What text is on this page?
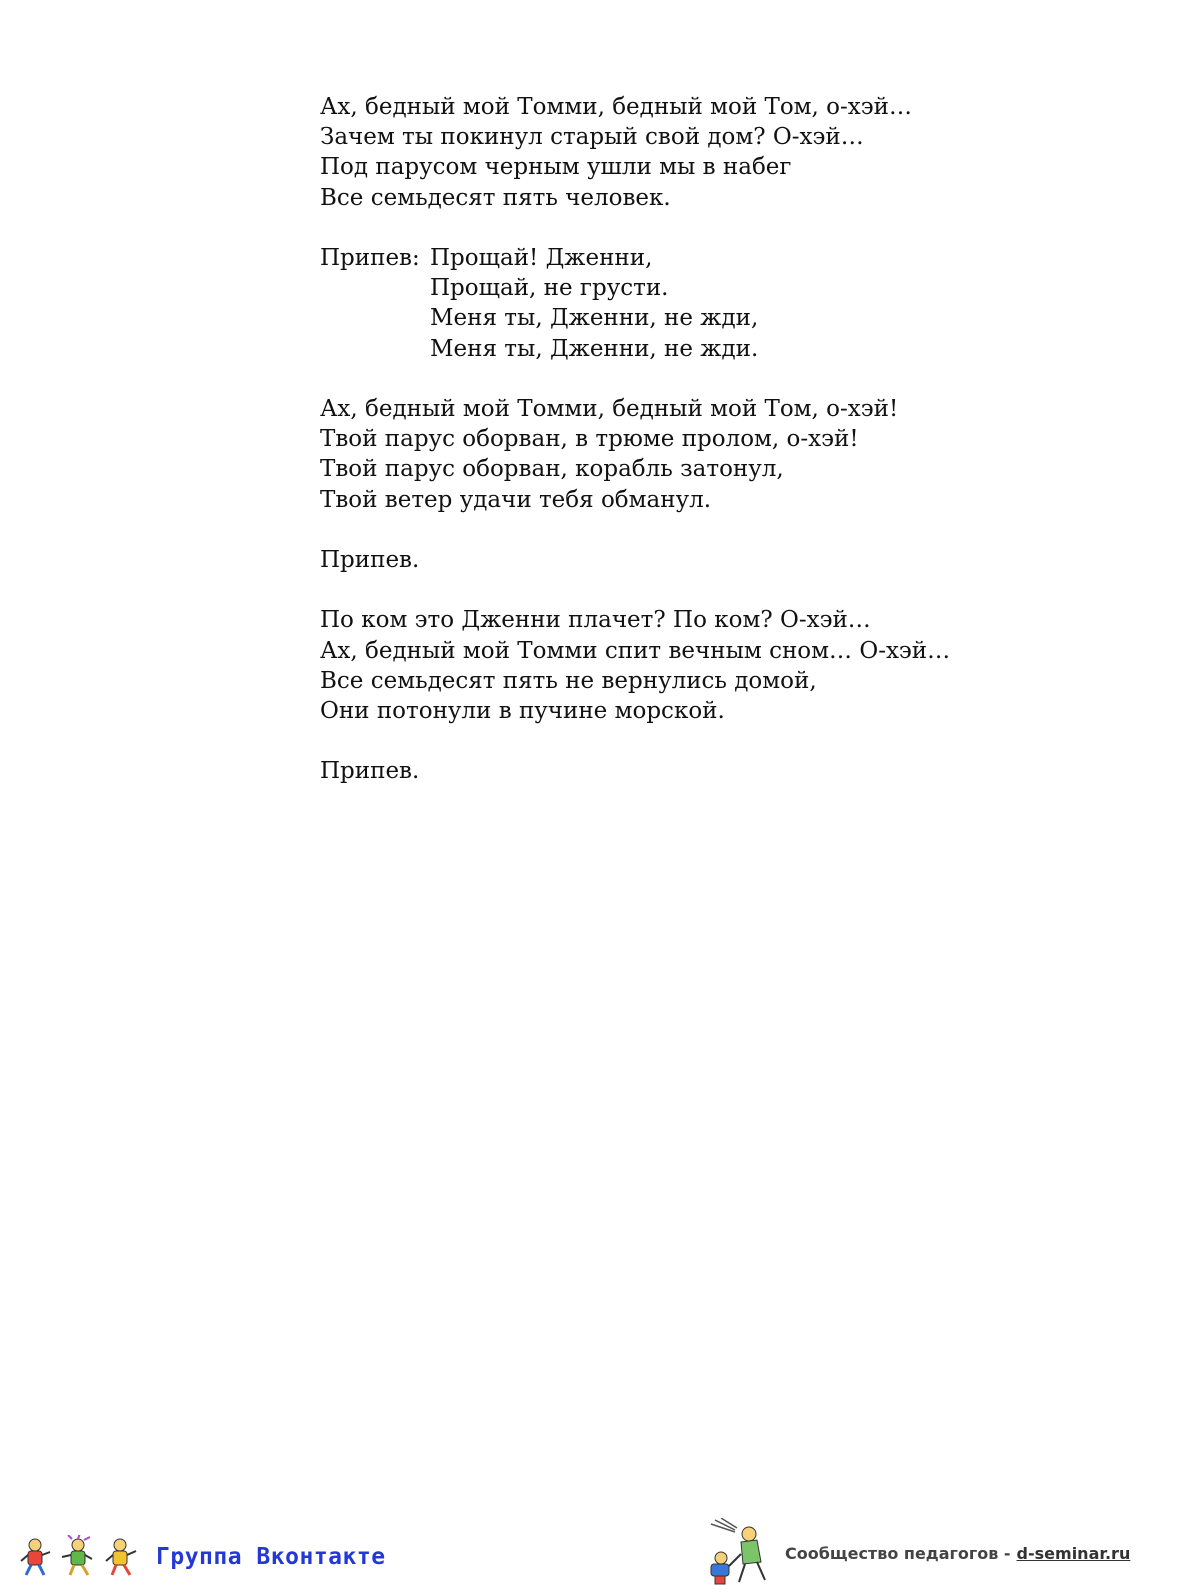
Ах, бедный мой Томми, бедный мой Том, о-хэй…
Зачем ты покинул старый свой дом? О-хэй…
Под парусом черным ушли мы в набег
Все семьдесят пять человек.
Припев: Прощай! Дженни,
Прощай, не грусти.
Меня ты, Дженни, не жди,
Меня ты, Дженни, не жди.
Ах, бедный мой Томми, бедный мой Том, о-хэй!
Твой парус оборван, в трюме пролом, о-хэй!
Твой парус оборван, корабль затонул,
Твой ветер удачи тебя обманул.
Припев.
По ком это Дженни плачет? По ком? О-хэй…
Ах, бедный мой Томми спит вечным сном… О-хэй…
Все семьдесят пять не вернулись домой,
Они потонули в пучине морской.
Припев.
Группа Вконтакте	Сообщество педагогов - d-seminar.ru
